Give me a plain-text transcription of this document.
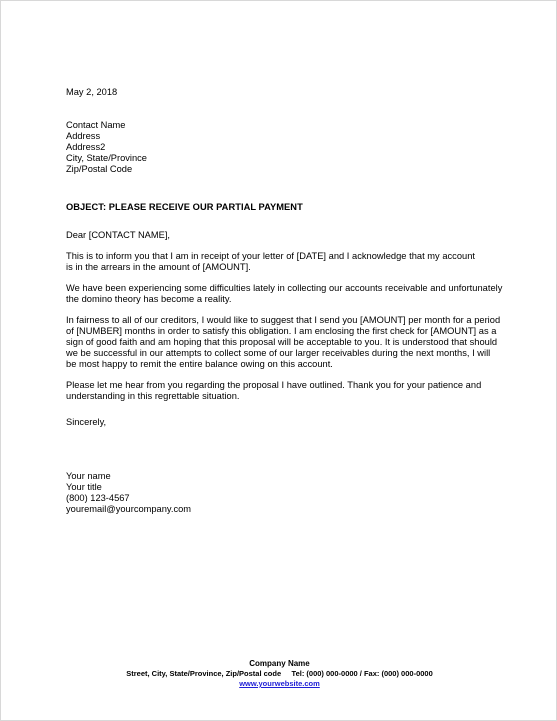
May 2, 2018
Contact Name
Address
Address2
City, State/Province
Zip/Postal Code
OBJECT: PLEASE RECEIVE OUR PARTIAL PAYMENT
Dear [CONTACT NAME],
This is to inform you that I am in receipt of your letter of [DATE] and I acknowledge that my account
is in the arrears in the amount of [AMOUNT].
We have been experiencing some difficulties lately in collecting our accounts receivable and unfortunately
the domino theory has become a reality.
In fairness to all of our creditors, I would like to suggest that I send you [AMOUNT] per month for a period
of [NUMBER] months in order to satisfy this obligation. I am enclosing the first check for [AMOUNT] as a
sign of good faith and am hoping that this proposal will be acceptable to you. It is understood that should
we be successful in our attempts to collect some of our larger receivables during the next months, I will
be most happy to remit the entire balance owing on this account.
Please let me hear from you regarding the proposal I have outlined. Thank you for your patience and
understanding in this regrettable situation.
Sincerely,
Your name
Your title
(800) 123-4567
youremail@yourcompany.com
Company Name
Street, City, State/Province, Zip/Postal code     Tel: (000) 000-0000 / Fax: (000) 000-0000
www.yourwebsite.com
